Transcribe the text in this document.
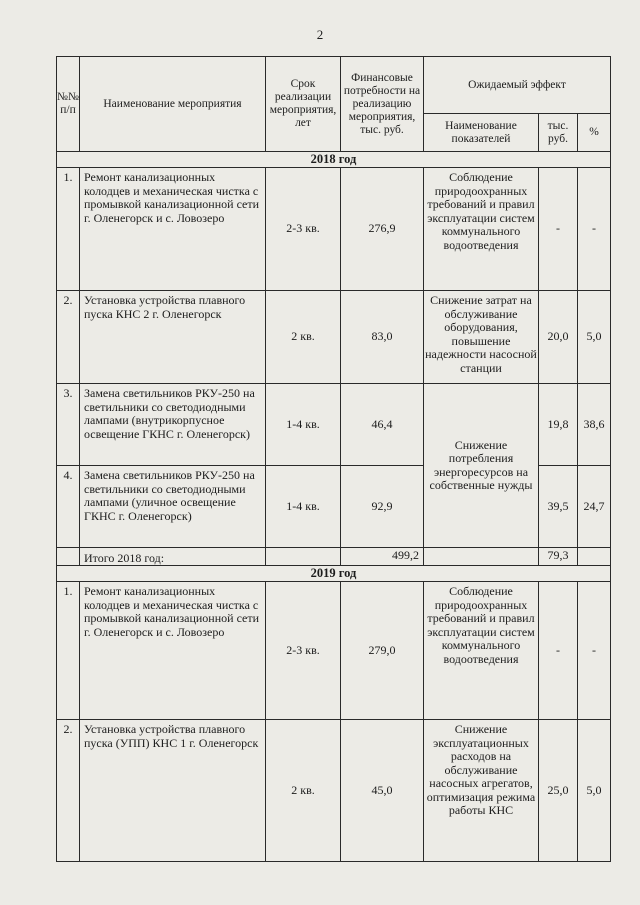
2
№№ п/п	Наименование мероприятия	Срок реализации мероприятия, лет	Финансовые потребности на реализацию мероприятия, тыс. руб.	Ожидаемый эффект		
				Наименование показателей	тыс. руб.	%
2018 год						
1.	Ремонт канализационных колодцев и механическая чистка с промывкой канализационной сети г. Оленегорск и с. Ловозеро	2-3 кв.	276,9	Соблюдение природоохранных требований и правил эксплуатации систем коммунального водоотведения	-	-
2.	Установка устройства плавного пуска КНС 2 г. Оленегорск	2 кв.	83,0	Снижение затрат на обслуживание оборудования, повышение надежности насосной станции	20,0	5,0
3.	Замена светильников РКУ-250 на светильники со светодиодными лампами (внутрикорпусное освещение ГКНС г. Оленегорск)	1-4 кв.	46,4	Снижение потребления энергоресурсов на собственные нужды	19,8	38,6
4.	Замена светильников РКУ-250 на светильники со светодиодными лампами (уличное освещение ГКНС г. Оленегорск)	1-4 кв.	92,9		39,5	24,7
	Итого 2018 год:		499,2		79,3	
2019 год						
1.	Ремонт канализационных колодцев и механическая чистка с промывкой канализационной сети г. Оленегорск и с. Ловозеро	2-3 кв.	279,0	Соблюдение природоохранных требований и правил эксплуатации систем коммунального водоотведения	-	-
2.	Установка устройства плавного пуска (УПП) КНС 1 г. Оленегорск	2 кв.	45,0	Снижение эксплуатационных расходов на обслуживание насосных агрегатов, оптимизация режима работы КНС	25,0	5,0
